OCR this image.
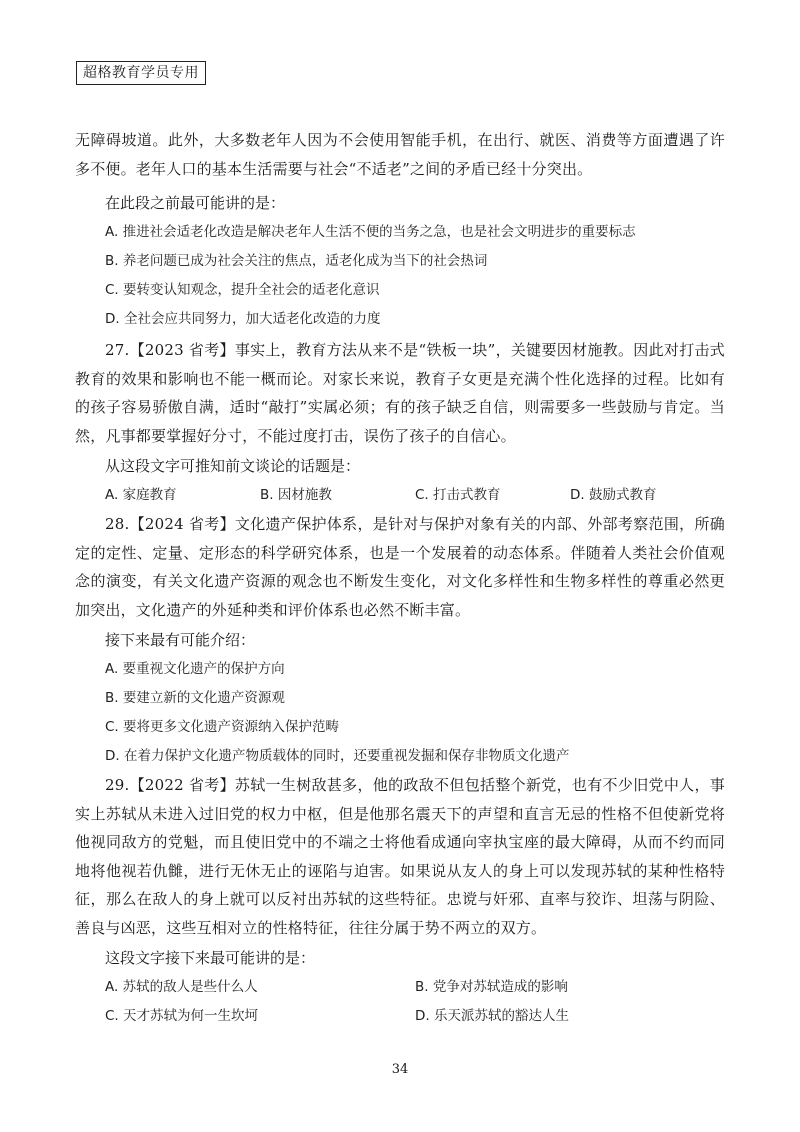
超格教育学员专用

无障碍坡道。此外，大多数老年人因为不会使用智能手机，在出行、就医、消费等方面遭遇了许多不便。老年人口的基本生活需要与社会“不适老”之间的矛盾已经十分突出。

在此段之前最可能讲的是：
A. 推进社会适老化改造是解决老年人生活不便的当务之急，也是社会文明进步的重要标志
B. 养老问题已成为社会关注的焦点，适老化成为当下的社会热词
C. 要转变认知观念，提升全社会的适老化意识
D. 全社会应共同努力，加大适老化改造的力度

27.【2023 省考】事实上，教育方法从来不是“铁板一块”，关键要因材施教。因此对打击式教育的效果和影响也不能一概而论。对家长来说，教育子女更是充满个性化选择的过程。比如有的孩子容易骄傲自满，适时“敲打”实属必须；有的孩子缺乏自信，则需要多一些鼓励与肯定。当然，凡事都要掌握好分寸，不能过度打击，误伤了孩子的自信心。

从这段文字可推知前文谈论的话题是：
A. 家庭教育	B. 因材施教	C. 打击式教育	D. 鼓励式教育

28.【2024 省考】文化遗产保护体系，是针对与保护对象有关的内部、外部考察范围，所确定的定性、定量、定形态的科学研究体系，也是一个发展着的动态体系。伴随着人类社会价值观念的演变，有关文化遗产资源的观念也不断发生变化，对文化多样性和生物多样性的尊重必然更加突出，文化遗产的外延种类和评价体系也必然不断丰富。

接下来最有可能介绍：
A. 要重视文化遗产的保护方向
B. 要建立新的文化遗产资源观
C. 要将更多文化遗产资源纳入保护范畴
D. 在着力保护文化遗产物质载体的同时，还要重视发掘和保存非物质文化遗产

29.【2022 省考】苏轼一生树敌甚多，他的政敌不但包括整个新党，也有不少旧党中人，事实上苏轼从未进入过旧党的权力中枢，但是他那名震天下的声望和直言无忌的性格不但使新党将他视同敌方的党魁，而且使旧党中的不端之士将他看成通向宰执宝座的最大障碍，从而不约而同地将他视若仇雠，进行无休无止的诬陷与迫害。如果说从友人的身上可以发现苏轼的某种性格特征，那么在敌人的身上就可以反衬出苏轼的这些特征。忠谠与奸邪、直率与狡诈、坦荡与阴险、善良与凶恶，这些互相对立的性格特征，往往分属于势不两立的双方。

这段文字接下来最可能讲的是：
A. 苏轼的敌人是些什么人	B. 党争对苏轼造成的影响
C. 天才苏轼为何一生坎坷	D. 乐天派苏轼的豁达人生
34
